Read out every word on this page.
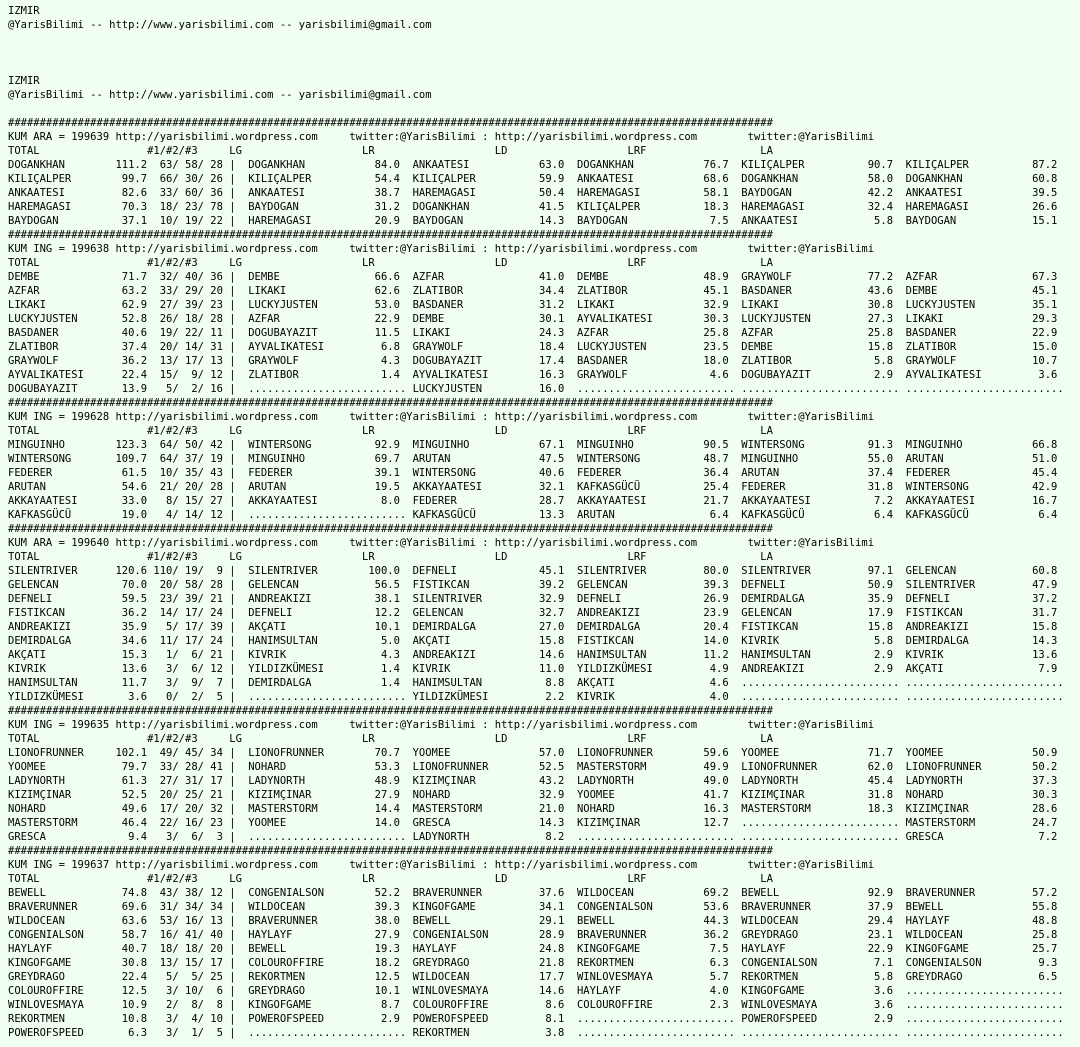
IZMIR
@YarisBilimi -- http://www.yarisbilimi.com -- yarisbilimi@gmail.com
IZMIR
@YarisBilimi -- http://www.yarisbilimi.com -- yarisbilimi@gmail.com
#########################################################################################################################
KUM ARA = 199639 http://yarisbilimi.wordpress.com     twitter:@YarisBilimi : http://yarisbilimi.wordpress.com        twitter:@YarisBilimi
TOTAL                 #1/#2/#3     LG                   LR                   LD                   LRF                  LA
DOGANKHAN        111.2  63/ 58/ 28 |  DOGANKHAN           84.0  ANKAATESI           63.0  DOGANKHAN           76.7  KILIÇALPER          90.7  KILIÇALPER          87.2
KILIÇALPER        99.7  66/ 30/ 26 |  KILIÇALPER          54.4  KILIÇALPER          59.9  ANKAATESI           68.6  DOGANKHAN           58.0  DOGANKHAN           60.8
ANKAATESI         82.6  33/ 60/ 36 |  ANKAATESI           38.7  HAREMAGASI          50.4  HAREMAGASI          58.1  BAYDOGAN            42.2  ANKAATESI           39.5
HAREMAGASI        70.3  18/ 23/ 78 |  BAYDOGAN            31.2  DOGANKHAN           41.5  KILIÇALPER          18.3  HAREMAGASI          32.4  HAREMAGASI          26.6
BAYDOGAN          37.1  10/ 19/ 22 |  HAREMAGASI          20.9  BAYDOGAN            14.3  BAYDOGAN             7.5  ANKAATESI            5.8  BAYDOGAN            15.1
#########################################################################################################################
KUM ING = 199638 http://yarisbilimi.wordpress.com     twitter:@YarisBilimi : http://yarisbilimi.wordpress.com        twitter:@YarisBilimi
TOTAL                 #1/#2/#3     LG                   LR                   LD                   LRF                  LA
DEMBE             71.7  32/ 40/ 36 |  DEMBE               66.6  AZFAR               41.0  DEMBE               48.9  GRAYWOLF            77.2  AZFAR               67.3
AZFAR             63.2  33/ 29/ 20 |  LIKAKI              62.6  ZLATIBOR            34.4  ZLATIBOR            45.1  BASDANER            43.6  DEMBE               45.1
LIKAKI            62.9  27/ 39/ 23 |  LUCKYJUSTEN         53.0  BASDANER            31.2  LIKAKI              32.9  LIKAKI              30.8  LUCKYJUSTEN         35.1
LUCKYJUSTEN       52.8  26/ 18/ 28 |  AZFAR               22.9  DEMBE               30.1  AYVALIKATESI        30.3  LUCKYJUSTEN         27.3  LIKAKI              29.3
BASDANER          40.6  19/ 22/ 11 |  DOGUBAYAZIT         11.5  LIKAKI              24.3  AZFAR               25.8  AZFAR               25.8  BASDANER            22.9
ZLATIBOR          37.4  20/ 14/ 31 |  AYVALIKATESI         6.8  GRAYWOLF            18.4  LUCKYJUSTEN         23.5  DEMBE               15.8  ZLATIBOR            15.0
GRAYWOLF          36.2  13/ 17/ 13 |  GRAYWOLF             4.3  DOGUBAYAZIT         17.4  BASDANER            18.0  ZLATIBOR             5.8  GRAYWOLF            10.7
AYVALIKATESI      22.4  15/  9/ 12 |  ZLATIBOR             1.4  AYVALIKATESI        16.3  GRAYWOLF             4.6  DOGUBAYAZIT          2.9  AYVALIKATESI         3.6
DOGUBAYAZIT       13.9   5/  2/ 16 |  ......................... LUCKYJUSTEN         16.0  ......................... ......................... .........................
#########################################################################################################################
KUM ING = 199628 http://yarisbilimi.wordpress.com     twitter:@YarisBilimi : http://yarisbilimi.wordpress.com        twitter:@YarisBilimi
TOTAL                 #1/#2/#3     LG                   LR                   LD                   LRF                  LA
MINGUINHO        123.3  64/ 50/ 42 |  WINTERSONG          92.9  MINGUINHO           67.1  MINGUINHO           90.5  WINTERSONG          91.3  MINGUINHO           66.8
WINTERSONG       109.7  64/ 37/ 19 |  MINGUINHO           69.7  ARUTAN              47.5  WINTERSONG          48.7  MINGUINHO           55.0  ARUTAN              51.0
FEDERER           61.5  10/ 35/ 43 |  FEDERER             39.1  WINTERSONG          40.6  FEDERER             36.4  ARUTAN              37.4  FEDERER             45.4
ARUTAN            54.6  21/ 20/ 28 |  ARUTAN              19.5  AKKAYAATESI         32.1  KAFKASGÜCÜ          25.4  FEDERER             31.8  WINTERSONG          42.9
AKKAYAATESI       33.0   8/ 15/ 27 |  AKKAYAATESI          8.0  FEDERER             28.7  AKKAYAATESI         21.7  AKKAYAATESI          7.2  AKKAYAATESI         16.7
KAFKASGÜCÜ        19.0   4/ 14/ 12 |  ......................... KAFKASGÜCÜ          13.3  ARUTAN               6.4  KAFKASGÜCÜ           6.4  KAFKASGÜCÜ           6.4
#########################################################################################################################
KUM ARA = 199640 http://yarisbilimi.wordpress.com     twitter:@YarisBilimi : http://yarisbilimi.wordpress.com        twitter:@YarisBilimi
TOTAL                 #1/#2/#3     LG                   LR                   LD                   LRF                  LA
SILENTRIVER      120.6 110/ 19/  9 |  SILENTRIVER        100.0  DEFNELI             45.1  SILENTRIVER         80.0  SILENTRIVER         97.1  GELENCAN            60.8
GELENCAN          70.0  20/ 58/ 28 |  GELENCAN            56.5  FISTIKCAN           39.2  GELENCAN            39.3  DEFNELI             50.9  SILENTRIVER         47.9
DEFNELI           59.5  23/ 39/ 21 |  ANDREAKIZI          38.1  SILENTRIVER         32.9  DEFNELI             26.9  DEMIRDALGA          35.9  DEFNELI             37.2
FISTIKCAN         36.2  14/ 17/ 24 |  DEFNELI             12.2  GELENCAN            32.7  ANDREAKIZI          23.9  GELENCAN            17.9  FISTIKCAN           31.7
ANDREAKIZI        35.9   5/ 17/ 39 |  AKÇATI              10.1  DEMIRDALGA          27.0  DEMIRDALGA          20.4  FISTIKCAN           15.8  ANDREAKIZI          15.8
DEMIRDALGA        34.6  11/ 17/ 24 |  HANIMSULTAN          5.0  AKÇATI              15.8  FISTIKCAN           14.0  KIVRIK               5.8  DEMIRDALGA          14.3
AKÇATI            15.3   1/  6/ 21 |  KIVRIK               4.3  ANDREAKIZI          14.6  HANIMSULTAN         11.2  HANIMSULTAN          2.9  KIVRIK              13.6
KIVRIK            13.6   3/  6/ 12 |  YILDIZKÜMESI         1.4  KIVRIK              11.0  YILDIZKÜMESI         4.9  ANDREAKIZI           2.9  AKÇATI               7.9
HANIMSULTAN       11.7   3/  9/  7 |  DEMIRDALGA           1.4  HANIMSULTAN          8.8  AKÇATI               4.6  ......................... .........................
YILDIZKÜMESI       3.6   0/  2/  5 |  ......................... YILDIZKÜMESI         2.2  KIVRIK               4.0  ......................... .........................
#########################################################################################################################
KUM ING = 199635 http://yarisbilimi.wordpress.com     twitter:@YarisBilimi : http://yarisbilimi.wordpress.com        twitter:@YarisBilimi
TOTAL                 #1/#2/#3     LG                   LR                   LD                   LRF                  LA
LIONOFRUNNER     102.1  49/ 45/ 34 |  LIONOFRUNNER        70.7  YOOMEE              57.0  LIONOFRUNNER        59.6  YOOMEE              71.7  YOOMEE              50.9
YOOMEE            79.7  33/ 28/ 41 |  NOHARD              53.3  LIONOFRUNNER        52.5  MASTERSTORM         49.9  LIONOFRUNNER        62.0  LIONOFRUNNER        50.2
LADYNORTH         61.3  27/ 31/ 17 |  LADYNORTH           48.9  KIZIMÇINAR          43.2  LADYNORTH           49.0  LADYNORTH           45.4  LADYNORTH           37.3
KIZIMÇINAR        52.5  20/ 25/ 21 |  KIZIMÇINAR          27.9  NOHARD              32.9  YOOMEE              41.7  KIZIMÇINAR          31.8  NOHARD              30.3
NOHARD            49.6  17/ 20/ 32 |  MASTERSTORM         14.4  MASTERSTORM         21.0  NOHARD              16.3  MASTERSTORM         18.3  KIZIMÇINAR          28.6
MASTERSTORM       46.4  22/ 16/ 23 |  YOOMEE              14.0  GRESCA              14.3  KIZIMÇINAR          12.7  ......................... MASTERSTORM         24.7
GRESCA             9.4   3/  6/  3 |  ......................... LADYNORTH            8.2  ......................... ......................... GRESCA               7.2
#########################################################################################################################
KUM ING = 199637 http://yarisbilimi.wordpress.com     twitter:@YarisBilimi : http://yarisbilimi.wordpress.com        twitter:@YarisBilimi
TOTAL                 #1/#2/#3     LG                   LR                   LD                   LRF                  LA
BEWELL            74.8  43/ 38/ 12 |  CONGENIALSON        52.2  BRAVERUNNER         37.6  WILDOCEAN           69.2  BEWELL              92.9  BRAVERUNNER         57.2
BRAVERUNNER       69.6  31/ 34/ 34 |  WILDOCEAN           39.3  KINGOFGAME          34.1  CONGENIALSON        53.6  BRAVERUNNER         37.9  BEWELL              55.8
WILDOCEAN         63.6  53/ 16/ 13 |  BRAVERUNNER         38.0  BEWELL              29.1  BEWELL              44.3  WILDOCEAN           29.4  HAYLAYF             48.8
CONGENIALSON      58.7  16/ 41/ 40 |  HAYLAYF             27.9  CONGENIALSON        28.9  BRAVERUNNER         36.2  GREYDRAGO           23.1  WILDOCEAN           25.8
HAYLAYF           40.7  18/ 18/ 20 |  BEWELL              19.3  HAYLAYF             24.8  KINGOFGAME           7.5  HAYLAYF             22.9  KINGOFGAME          25.7
KINGOFGAME        30.8  13/ 15/ 17 |  COLOUROFFIRE        18.2  GREYDRAGO           21.8  REKORTMEN            6.3  CONGENIALSON         7.1  CONGENIALSON         9.3
GREYDRAGO         22.4   5/  5/ 25 |  REKORTMEN           12.5  WILDOCEAN           17.7  WINLOVESMAYA         5.7  REKORTMEN            5.8  GREYDRAGO            6.5
COLOUROFFIRE      12.5   3/ 10/  6 |  GREYDRAGO           10.1  WINLOVESMAYA        14.6  HAYLAYF              4.0  KINGOFGAME           3.6  .........................
WINLOVESMAYA      10.9   2/  8/  8 |  KINGOFGAME           8.7  COLOUROFFIRE         8.6  COLOUROFFIRE         2.3  WINLOVESMAYA         3.6  .........................
REKORTMEN         10.8   3/  4/ 10 |  POWEROFSPEED         2.9  POWEROFSPEED         8.1  ......................... POWEROFSPEED         2.9  .........................
POWEROFSPEED       6.3   3/  1/  5 |  ......................... REKORTMEN            3.8  ......................... ......................... .........................
